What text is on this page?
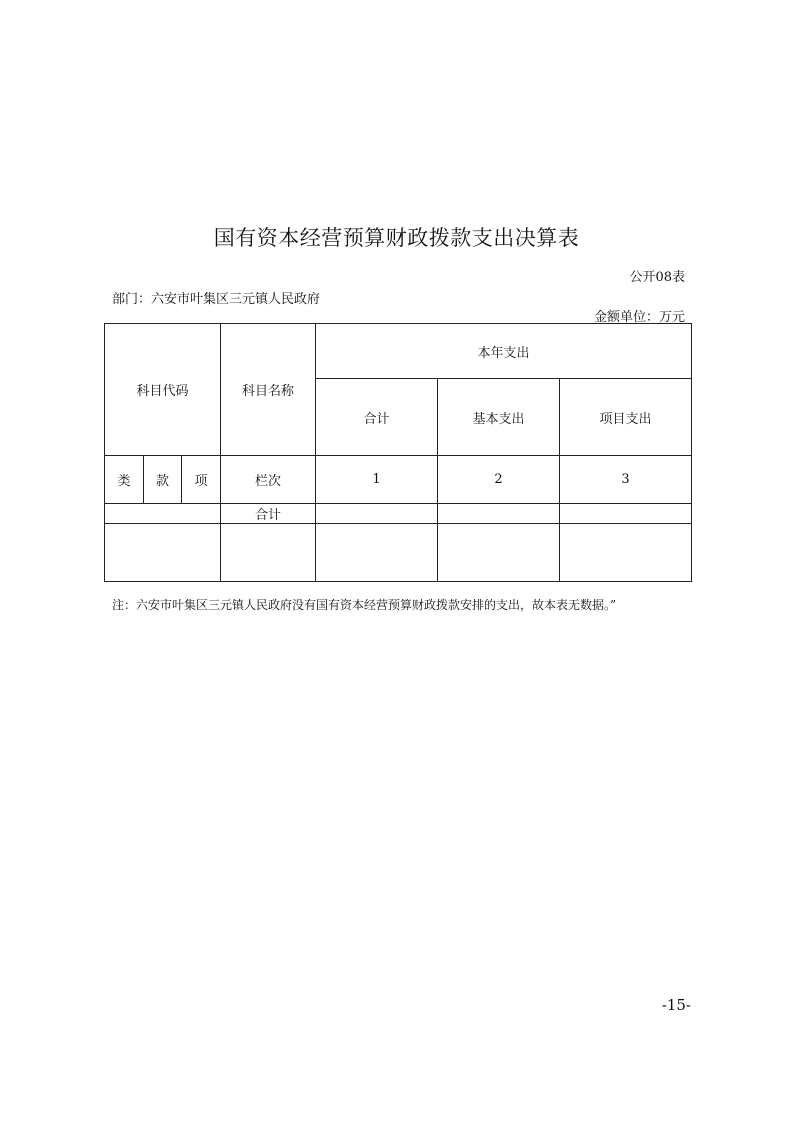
国有资本经营预算财政拨款支出决算表
公开08表
部门：六安市叶集区三元镇人民政府
金额单位：万元
科目代码			科目名称	本年支出		
				合计	基本支出	项目支出
类	款	项	栏次	1	2	3
			合计			

注：六安市叶集区三元镇人民政府没有国有资本经营预算财政拨款安排的支出，故本表无数据。”
-15-
